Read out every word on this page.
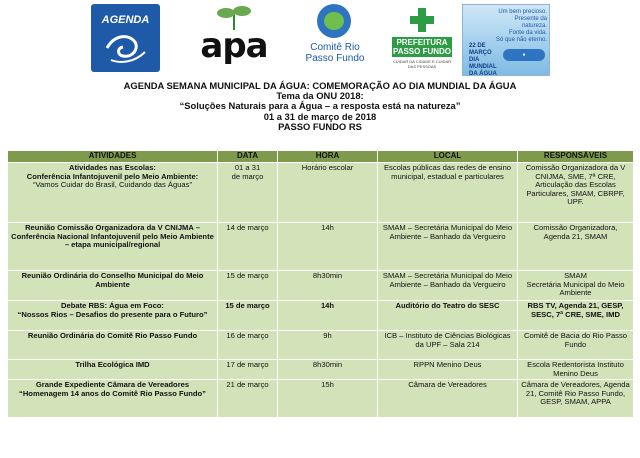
AGENDA
apa	Comitê Rio
Passo Fundo
PREFEITURA
PASSO FUNDO
CUIDAR DA CIDADE E CUIDAR DAS PESSOAS
Um bem precioso.
Presente da natureza.
Fonte da vida.
Só que não eterno.
22 DE MARÇO
DIA MUNDIAL
DA ÁGUA
●
AGENDA SEMANA MUNICIPAL DA ÁGUA: COMEMORAÇÃO AO DIA MUNDIAL DA ÁGUA
Tema da ONU 2018:
“Soluções Naturais para a Água – a resposta está na natureza”
01 a 31 de março de 2018
PASSO FUNDO RS
ATIVIDADES	DATA	HORA	LOCAL	RESPONSÁVEIS
Atividades nas Escolas:
Conferência Infantojuvenil pelo Meio Ambiente:
“Vamos Cuidar do Brasil, Cuidando das Águas”	01 a 31
de março	Horário escolar	Escolas públicas das redes de ensino municipal, estadual e particulares	Comissão Organizadora da V CNIJMA, SME, 7ª CRE, Articulação das Escolas Particulares, SMAM, CBRPF, UPF.
Reunião Comissão Organizadora da V CNIJMA – Conferência Nacional Infantojuvenil pelo Meio Ambiente – etapa municipal/regional	14 de março	14h	SMAM – Secretária Municipal do Meio Ambiente – Banhado da Vergueiro	Comissão Organizadora, Agenda 21, SMAM
Reunião Ordinária do Conselho Municipal do Meio Ambiente	15 de março	8h30min	SMAM – Secretária Municipal do Meio Ambiente – Banhado da Vergueiro	SMAM
Secretária Municipal do Meio Ambiente
Debate RBS: Água em Foco:
“Nossos Rios – Desafios do presente para o Futuro”	15 de março	14h	Auditório do Teatro do SESC	RBS TV, Agenda 21, GESP, SESC, 7ª CRE, SME, IMD
Reunião Ordinária do Comitê Rio Passo Fundo	16 de março	9h	ICB – Instituto de Ciências Biológicas da UPF – Sala 214	Comitê de Bacia do Rio Passo Fundo
Trilha Ecológica IMD	17 de março	8h30min	RPPN Menino Deus	Escola Redentorista Instituto Menino Deus
Grande Expediente Câmara de Vereadores
“Homenagem 14 anos do Comitê Rio Passo Fundo”	21 de março	15h	Câmara de Vereadores	Câmara de Vereadores, Agenda 21, Comitê Rio Passo Fundo, GESP, SMAM, APPA
